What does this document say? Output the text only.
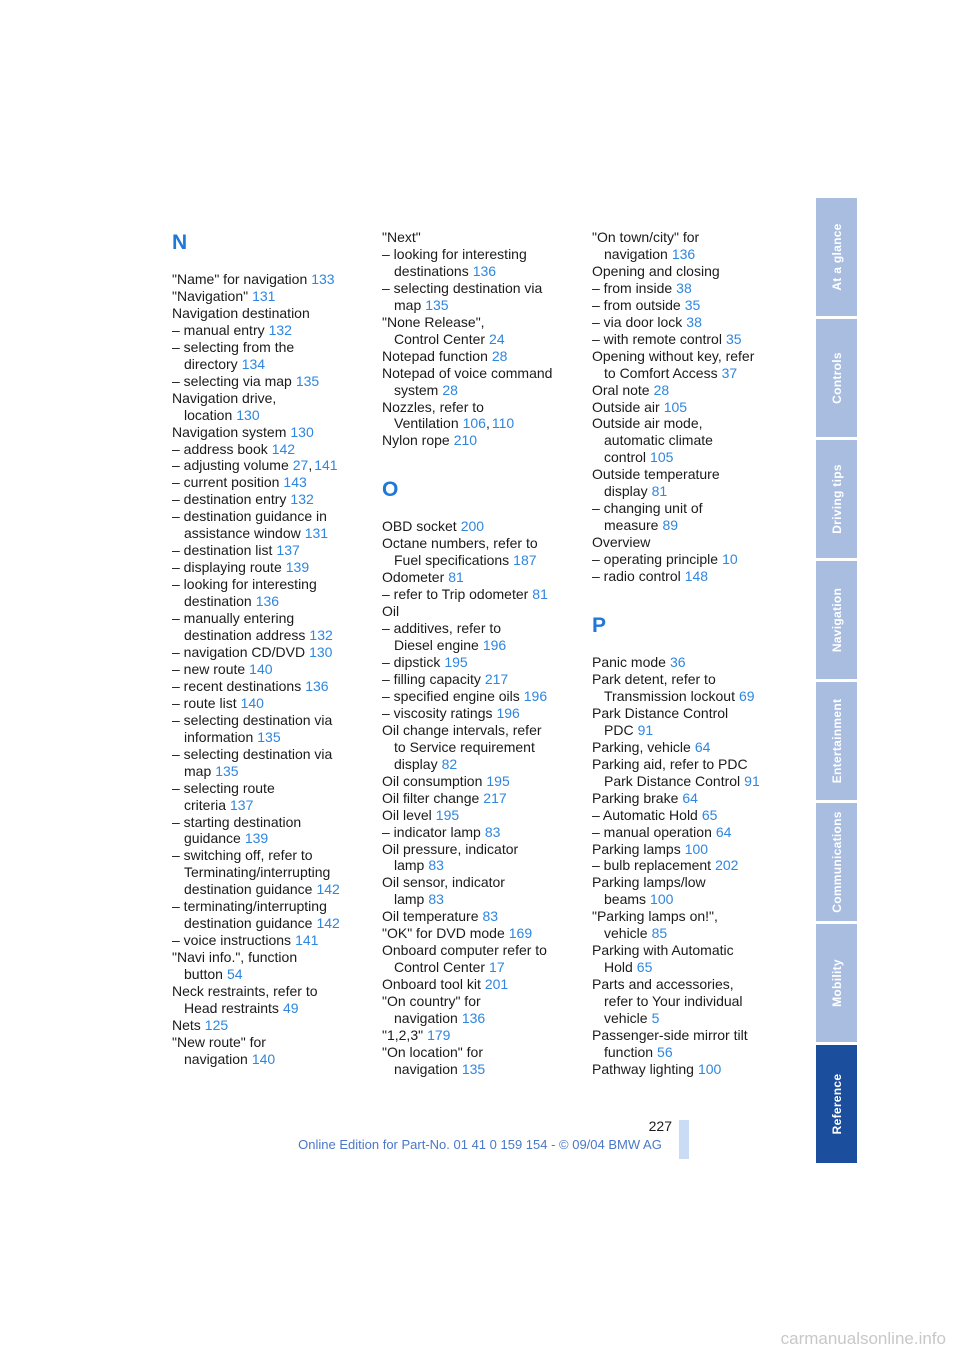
N
"Name" for navigation 133
"Navigation" 131
Navigation destination
– manual entry 132
– selecting from the
directory 134
– selecting via map 135
Navigation drive,
location 130
Navigation system 130
– address book 142
– adjusting volume 27, 141
– current position 143
– destination entry 132
– destination guidance in
assistance window 131
– destination list 137
– displaying route 139
– looking for interesting
destination 136
– manually entering
destination address 132
– navigation CD/DVD 130
– new route 140
– recent destinations 136
– route list 140
– selecting destination via
information 135
– selecting destination via
map 135
– selecting route
criteria 137
– starting destination
guidance 139
– switching off, refer to
Terminating/interrupting
destination guidance 142
– terminating/interrupting
destination guidance 142
– voice instructions 141
"Navi info.", function
button 54
Neck restraints, refer to
Head restraints 49
Nets 125
"New route" for
navigation 140
"Next"
– looking for interesting
destinations 136
– selecting destination via
map 135
"None Release",
Control Center 24
Notepad function 28
Notepad of voice command
system 28
Nozzles, refer to
Ventilation 106, 110
Nylon rope 210
O
OBD socket 200
Octane numbers, refer to
Fuel specifications 187
Odometer 81
– refer to Trip odometer 81
Oil
– additives, refer to
Diesel engine 196
– dipstick 195
– filling capacity 217
– specified engine oils 196
– viscosity ratings 196
Oil change intervals, refer
to Service requirement
display 82
Oil consumption 195
Oil filter change 217
Oil level 195
– indicator lamp 83
Oil pressure, indicator
lamp 83
Oil sensor, indicator
lamp 83
Oil temperature 83
"OK" for DVD mode 169
Onboard computer refer to
Control Center 17
Onboard tool kit 201
"On country" for
navigation 136
"1,2,3" 179
"On location" for
navigation 135
"On town/city" for
navigation 136
Opening and closing
– from inside 38
– from outside 35
– via door lock 38
– with remote control 35
Opening without key, refer
to Comfort Access 37
Oral note 28
Outside air 105
Outside air mode,
automatic climate
control 105
Outside temperature
display 81
– changing unit of
measure 89
Overview
– operating principle 10
– radio control 148
P
Panic mode 36
Park detent, refer to
Transmission lockout 69
Park Distance Control
PDC 91
Parking, vehicle 64
Parking aid, refer to PDC
Park Distance Control 91
Parking brake 64
– Automatic Hold 65
– manual operation 64
Parking lamps 100
– bulb replacement 202
Parking lamps/low
beams 100
"Parking lamps on!",
vehicle 85
Parking with Automatic
Hold 65
Parts and accessories,
refer to Your individual
vehicle 5
Passenger-side mirror tilt
function 56
Pathway lighting 100
At a glance
Controls
Driving tips
Navigation
Entertainment
Communications
Mobility
Reference
227
Online Edition for Part-No. 01 41 0 159 154 - © 09/04 BMW AG
carmanualsonline.info
